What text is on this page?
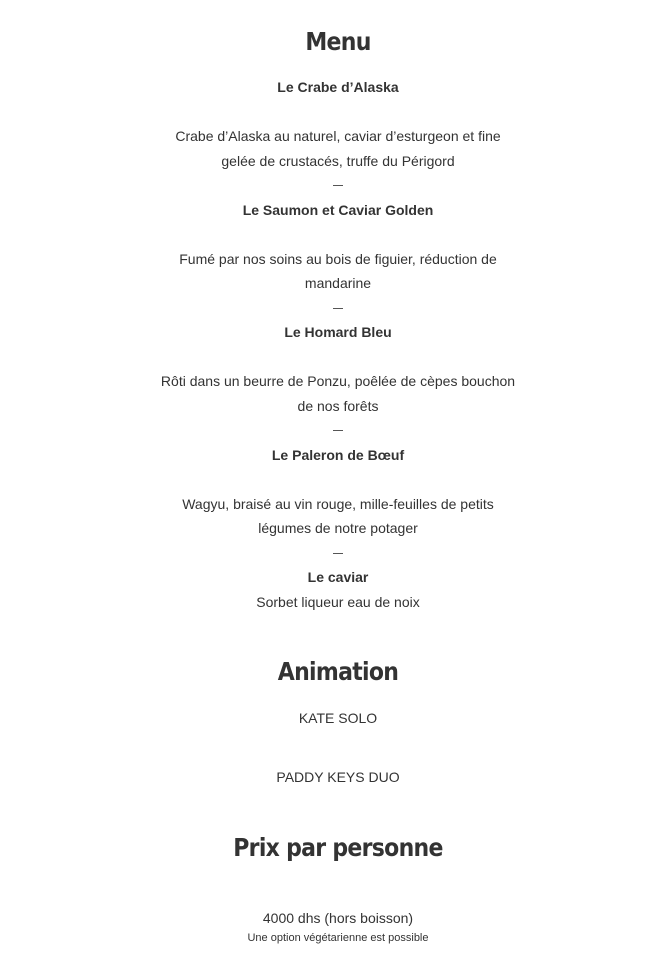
Menu

Le Crabe d’Alaska

Crabe d’Alaska au naturel, caviar d’esturgeon et fine

gelée de crustacés, truffe du Périgord

Le Saumon et Caviar Golden

Fumé par nos soins au bois de figuier, réduction de

mandarine

Le Homard Bleu

Rôti dans un beurre de Ponzu, poêlée de cèpes bouchon

de nos forêts

Le Paleron de Bœuf

Wagyu, braisé au vin rouge, mille-feuilles de petits

légumes de notre potager

Le caviar

Sorbet liqueur eau de noix

Animation

KATE SOLO

PADDY KEYS DUO

Prix par personne

4000 dhs (hors boisson)

Une option végétarienne est possible
